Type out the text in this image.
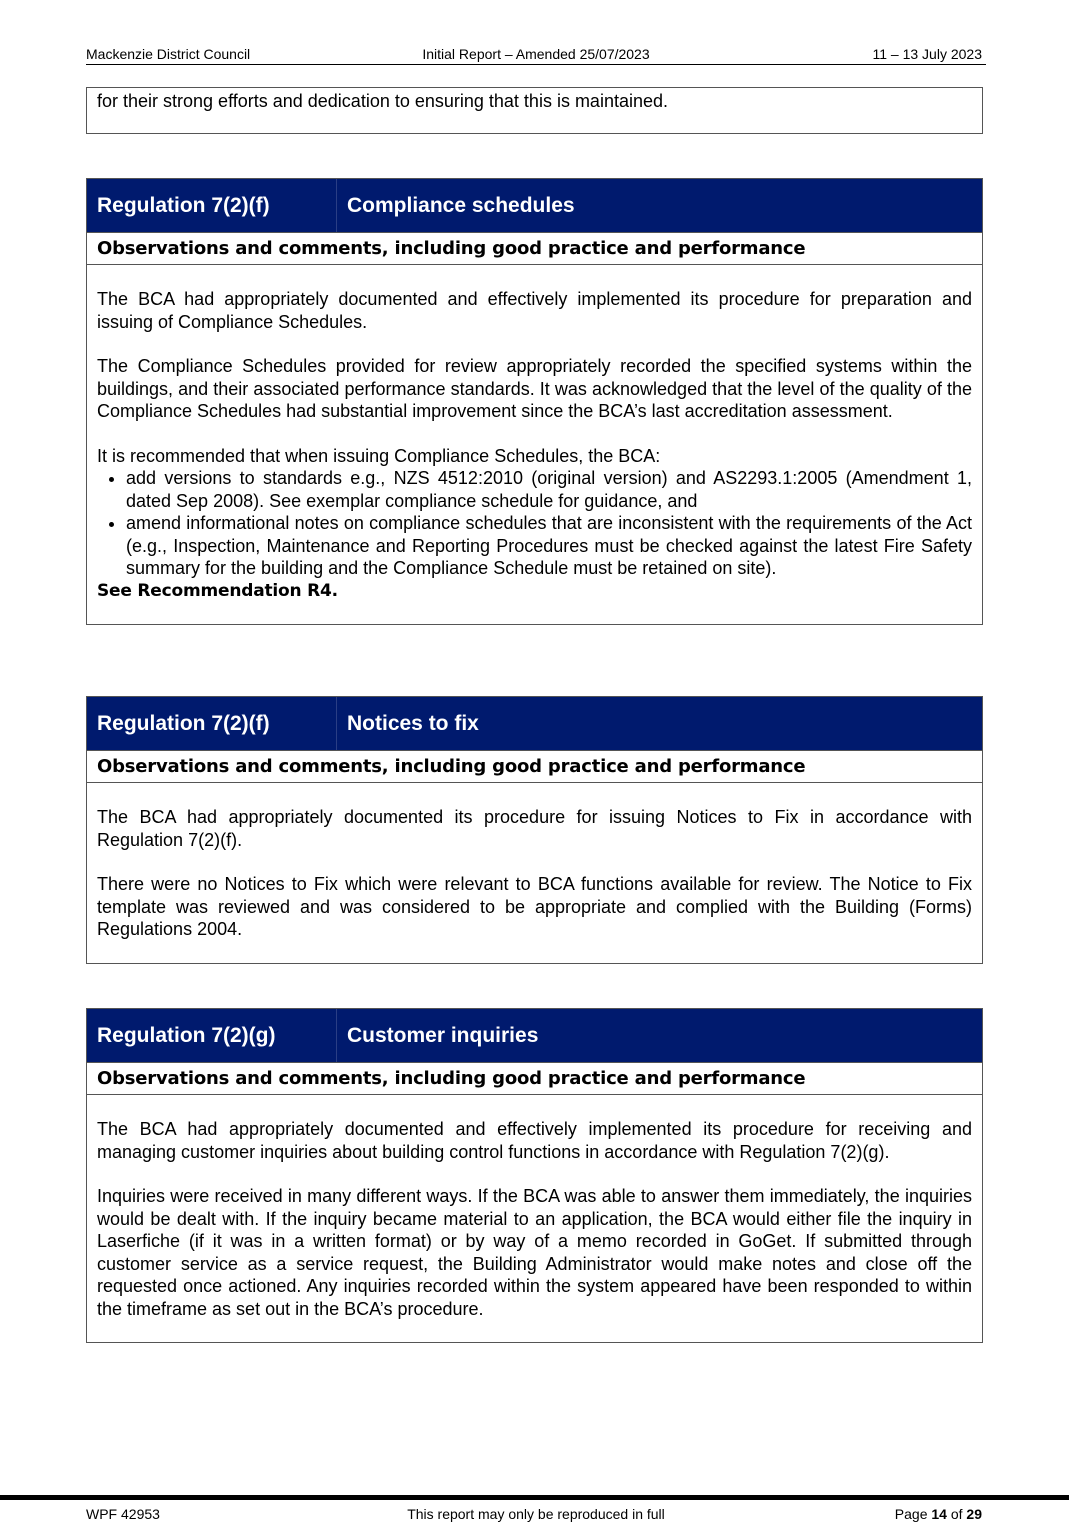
Mackenzie District Council	Initial Report – Amended 25/07/2023	11 – 13 July 2023

for their strong efforts and dedication to ensuring that this is maintained.

Regulation 7(2)(f)	Compliance schedules
Observations and comments, including good practice and performance

The BCA had appropriately documented and effectively implemented its procedure for preparation and issuing of Compliance Schedules.

The Compliance Schedules provided for review appropriately recorded the specified systems within the buildings, and their associated performance standards. It was acknowledged that the level of the quality of the Compliance Schedules had substantial improvement since the BCA’s last accreditation assessment.

It is recommended that when issuing Compliance Schedules, the BCA:

• add versions to standards e.g., NZS 4512:2010 (original version) and AS2293.1:2005 (Amendment 1, dated Sep 2008). See exemplar compliance schedule for guidance, and
• amend informational notes on compliance schedules that are inconsistent with the requirements of the Act (e.g., Inspection, Maintenance and Reporting Procedures must be checked against the latest Fire Safety summary for the building and the Compliance Schedule must be retained on site).
See Recommendation R4.
Regulation 7(2)(f)	Notices to fix
Observations and comments, including good practice and performance

The BCA had appropriately documented its procedure for issuing Notices to Fix in accordance with Regulation 7(2)(f).

There were no Notices to Fix which were relevant to BCA functions available for review. The Notice to Fix template was reviewed and was considered to be appropriate and complied with the Building (Forms) Regulations 2004.

Regulation 7(2)(g)	Customer inquiries
Observations and comments, including good practice and performance

The BCA had appropriately documented and effectively implemented its procedure for receiving and managing customer inquiries about building control functions in accordance with Regulation 7(2)(g).

Inquiries were received in many different ways. If the BCA was able to answer them immediately, the inquiries would be dealt with. If the inquiry became material to an application, the BCA would either file the inquiry in Laserfiche (if it was in a written format) or by way of a memo recorded in GoGet. If submitted through customer service as a service request, the Building Administrator would make notes and close off the requested once actioned. Any inquiries recorded within the system appeared have been responded to within the timeframe as set out in the BCA’s procedure.

WPF 42953	This report may only be reproduced in full	Page 14 of 29
